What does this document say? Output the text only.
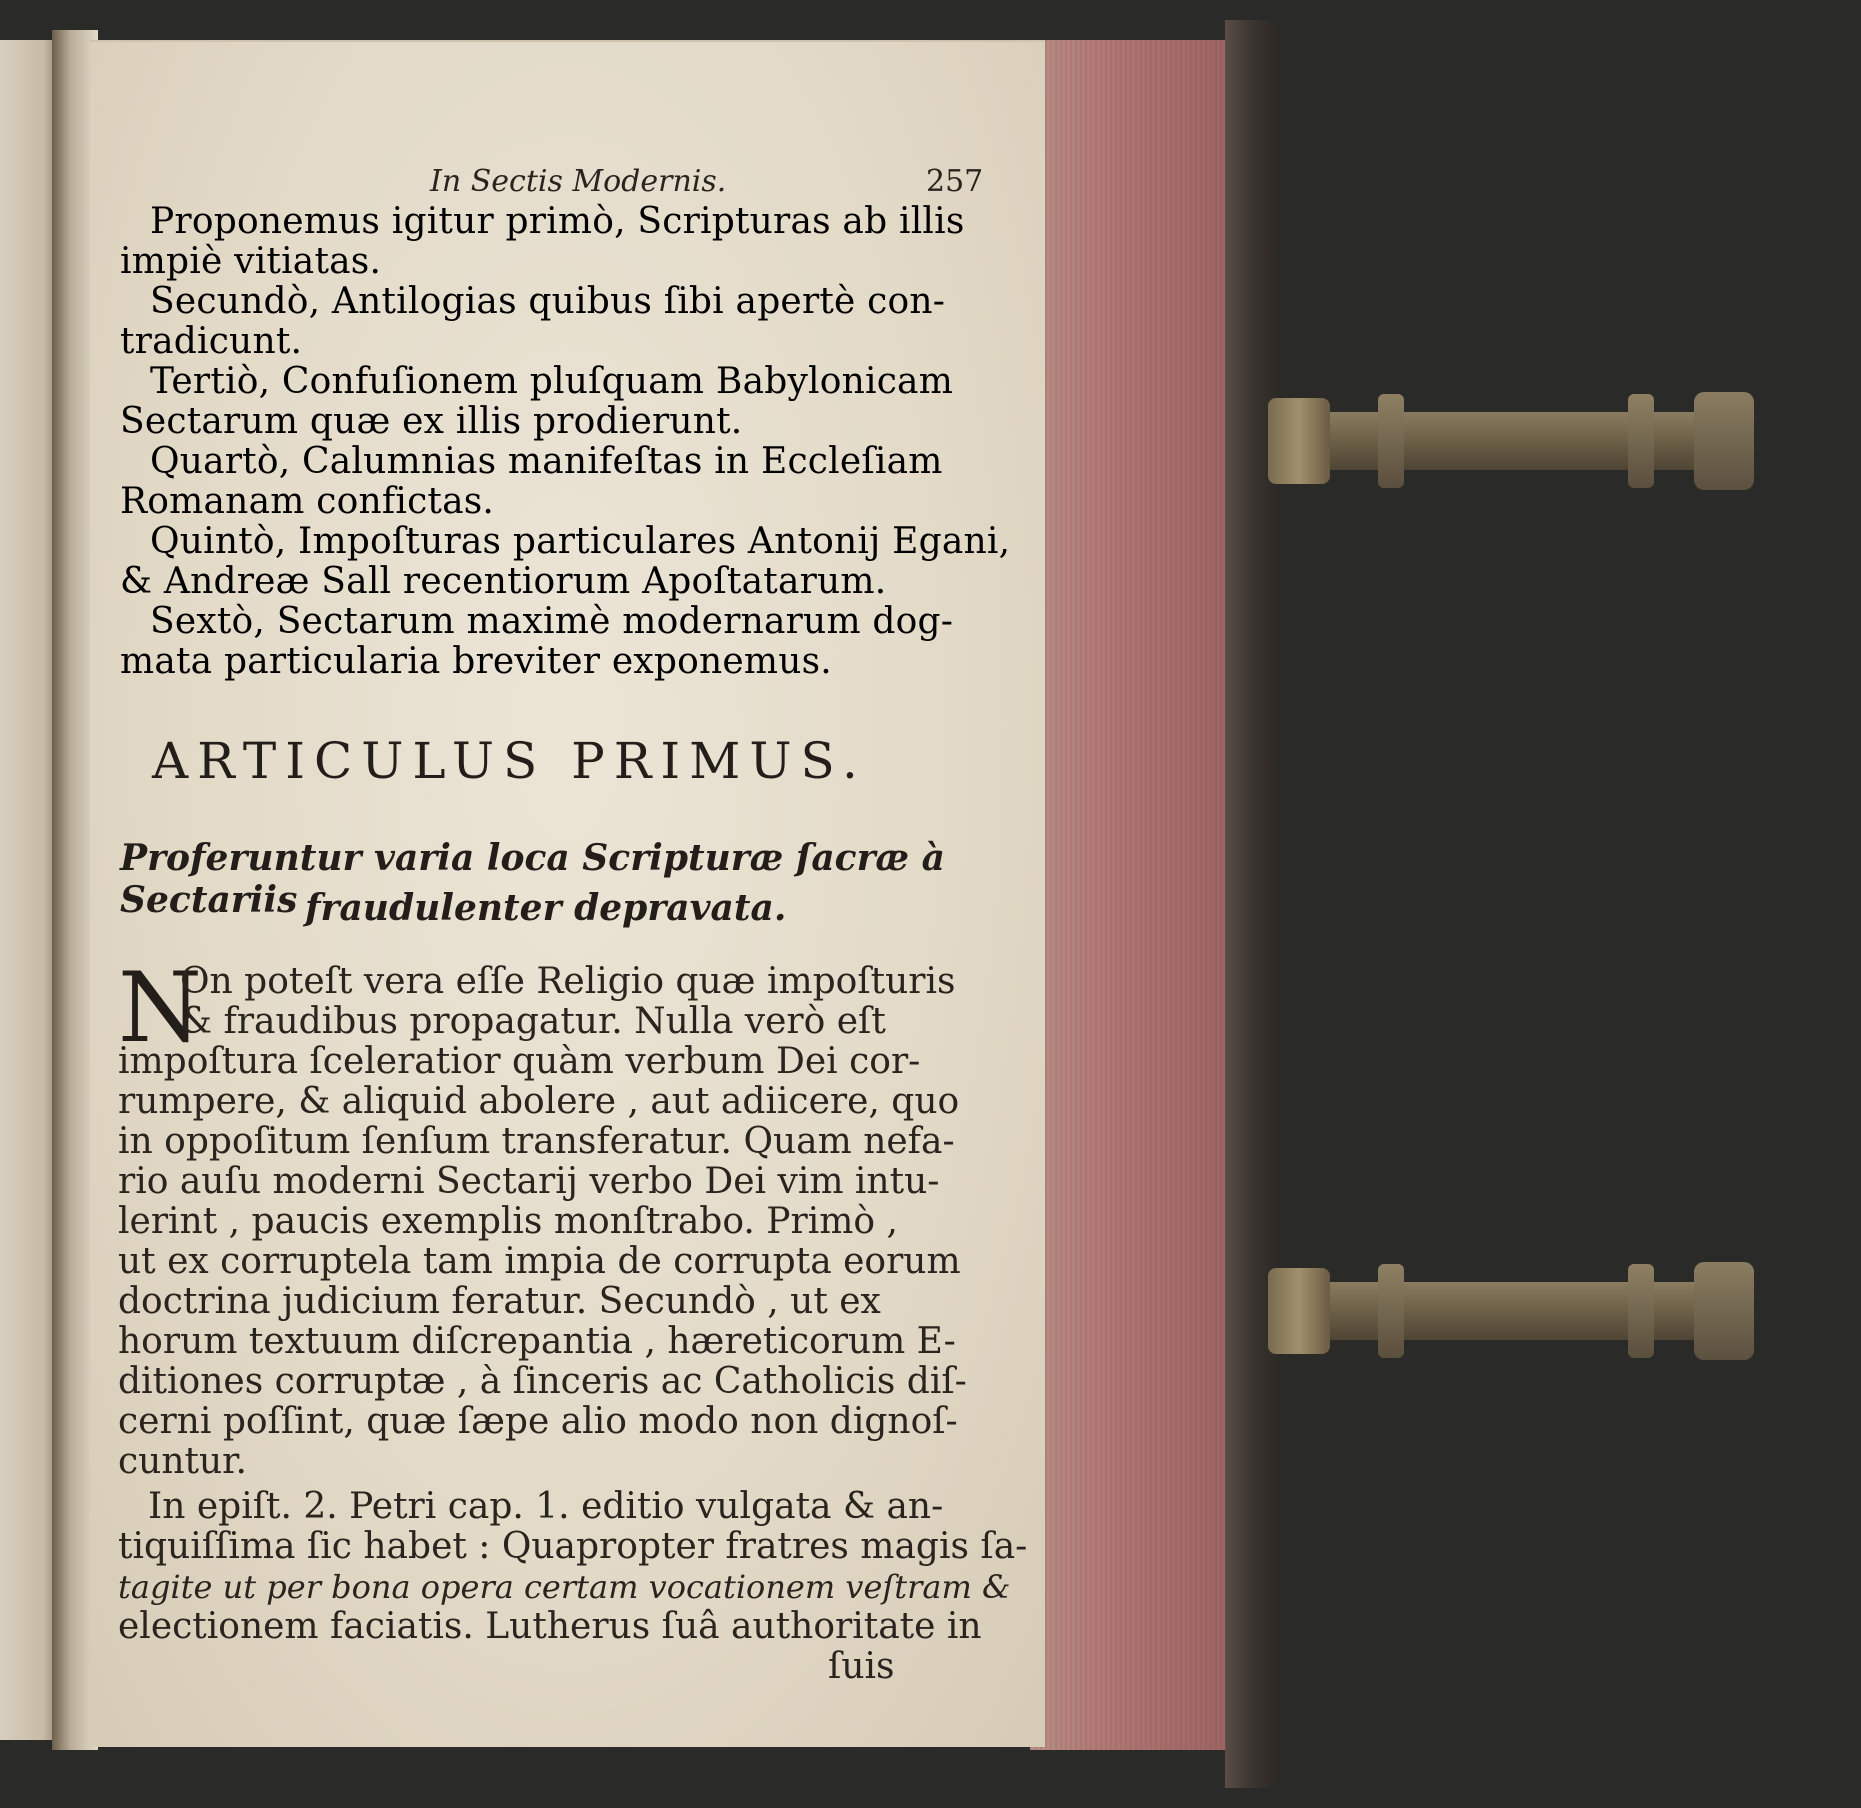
In Sectis Modernis.	257
Proponemus igitur primò, Scripturas ab illis
impiè vitiatas.
Secundò, Antilogias quibus ſibi apertè con-
tradicunt.
Tertiò, Confuſionem pluſquam Babylonicam
Sectarum quæ ex illis prodierunt.
Quartò, Calumnias manifeſtas in Eccleſiam
Romanam confictas.
Quintò, Impoſturas particulares Antonij Egani,
& Andreæ Sall recentiorum Apoſtatarum.
Sextò, Sectarum maximè modernarum dog-
mata particularia breviter exponemus.
ARTICULUS PRIMUS.
Proferuntur varia loca Scripturæ ſacræ à Sectariis fraudulenter depravata.
N
On poteſt vera eſſe Religio quæ impoſturis
& fraudibus propagatur. Nulla verò eſt
impoſtura ſceleratior quàm verbum Dei cor-
rumpere, & aliquid abolere , aut adiicere, quo
in oppoſitum ſenſum transferatur. Quam nefa-
rio auſu moderni Sectarij verbo Dei vim intu-
lerint , paucis exemplis monſtrabo. Primò ,
ut ex corruptela tam impia de corrupta eorum
doctrina judicium feratur. Secundò , ut ex
horum textuum diſcrepantia , hæreticorum E-
ditiones corruptæ , à ſinceris ac Catholicis diſ-
cerni poſſint, quæ ſæpe alio modo non dignoſ-
cuntur.
In epiſt. 2. Petri cap. 1. editio vulgata & an-
tiquiſſima ſic habet : Quapropter fratres magis ſa-
tagite ut per bona opera certam vocationem veſtram &
electionem faciatis. Lutherus ſuâ authoritate in
ſuis
